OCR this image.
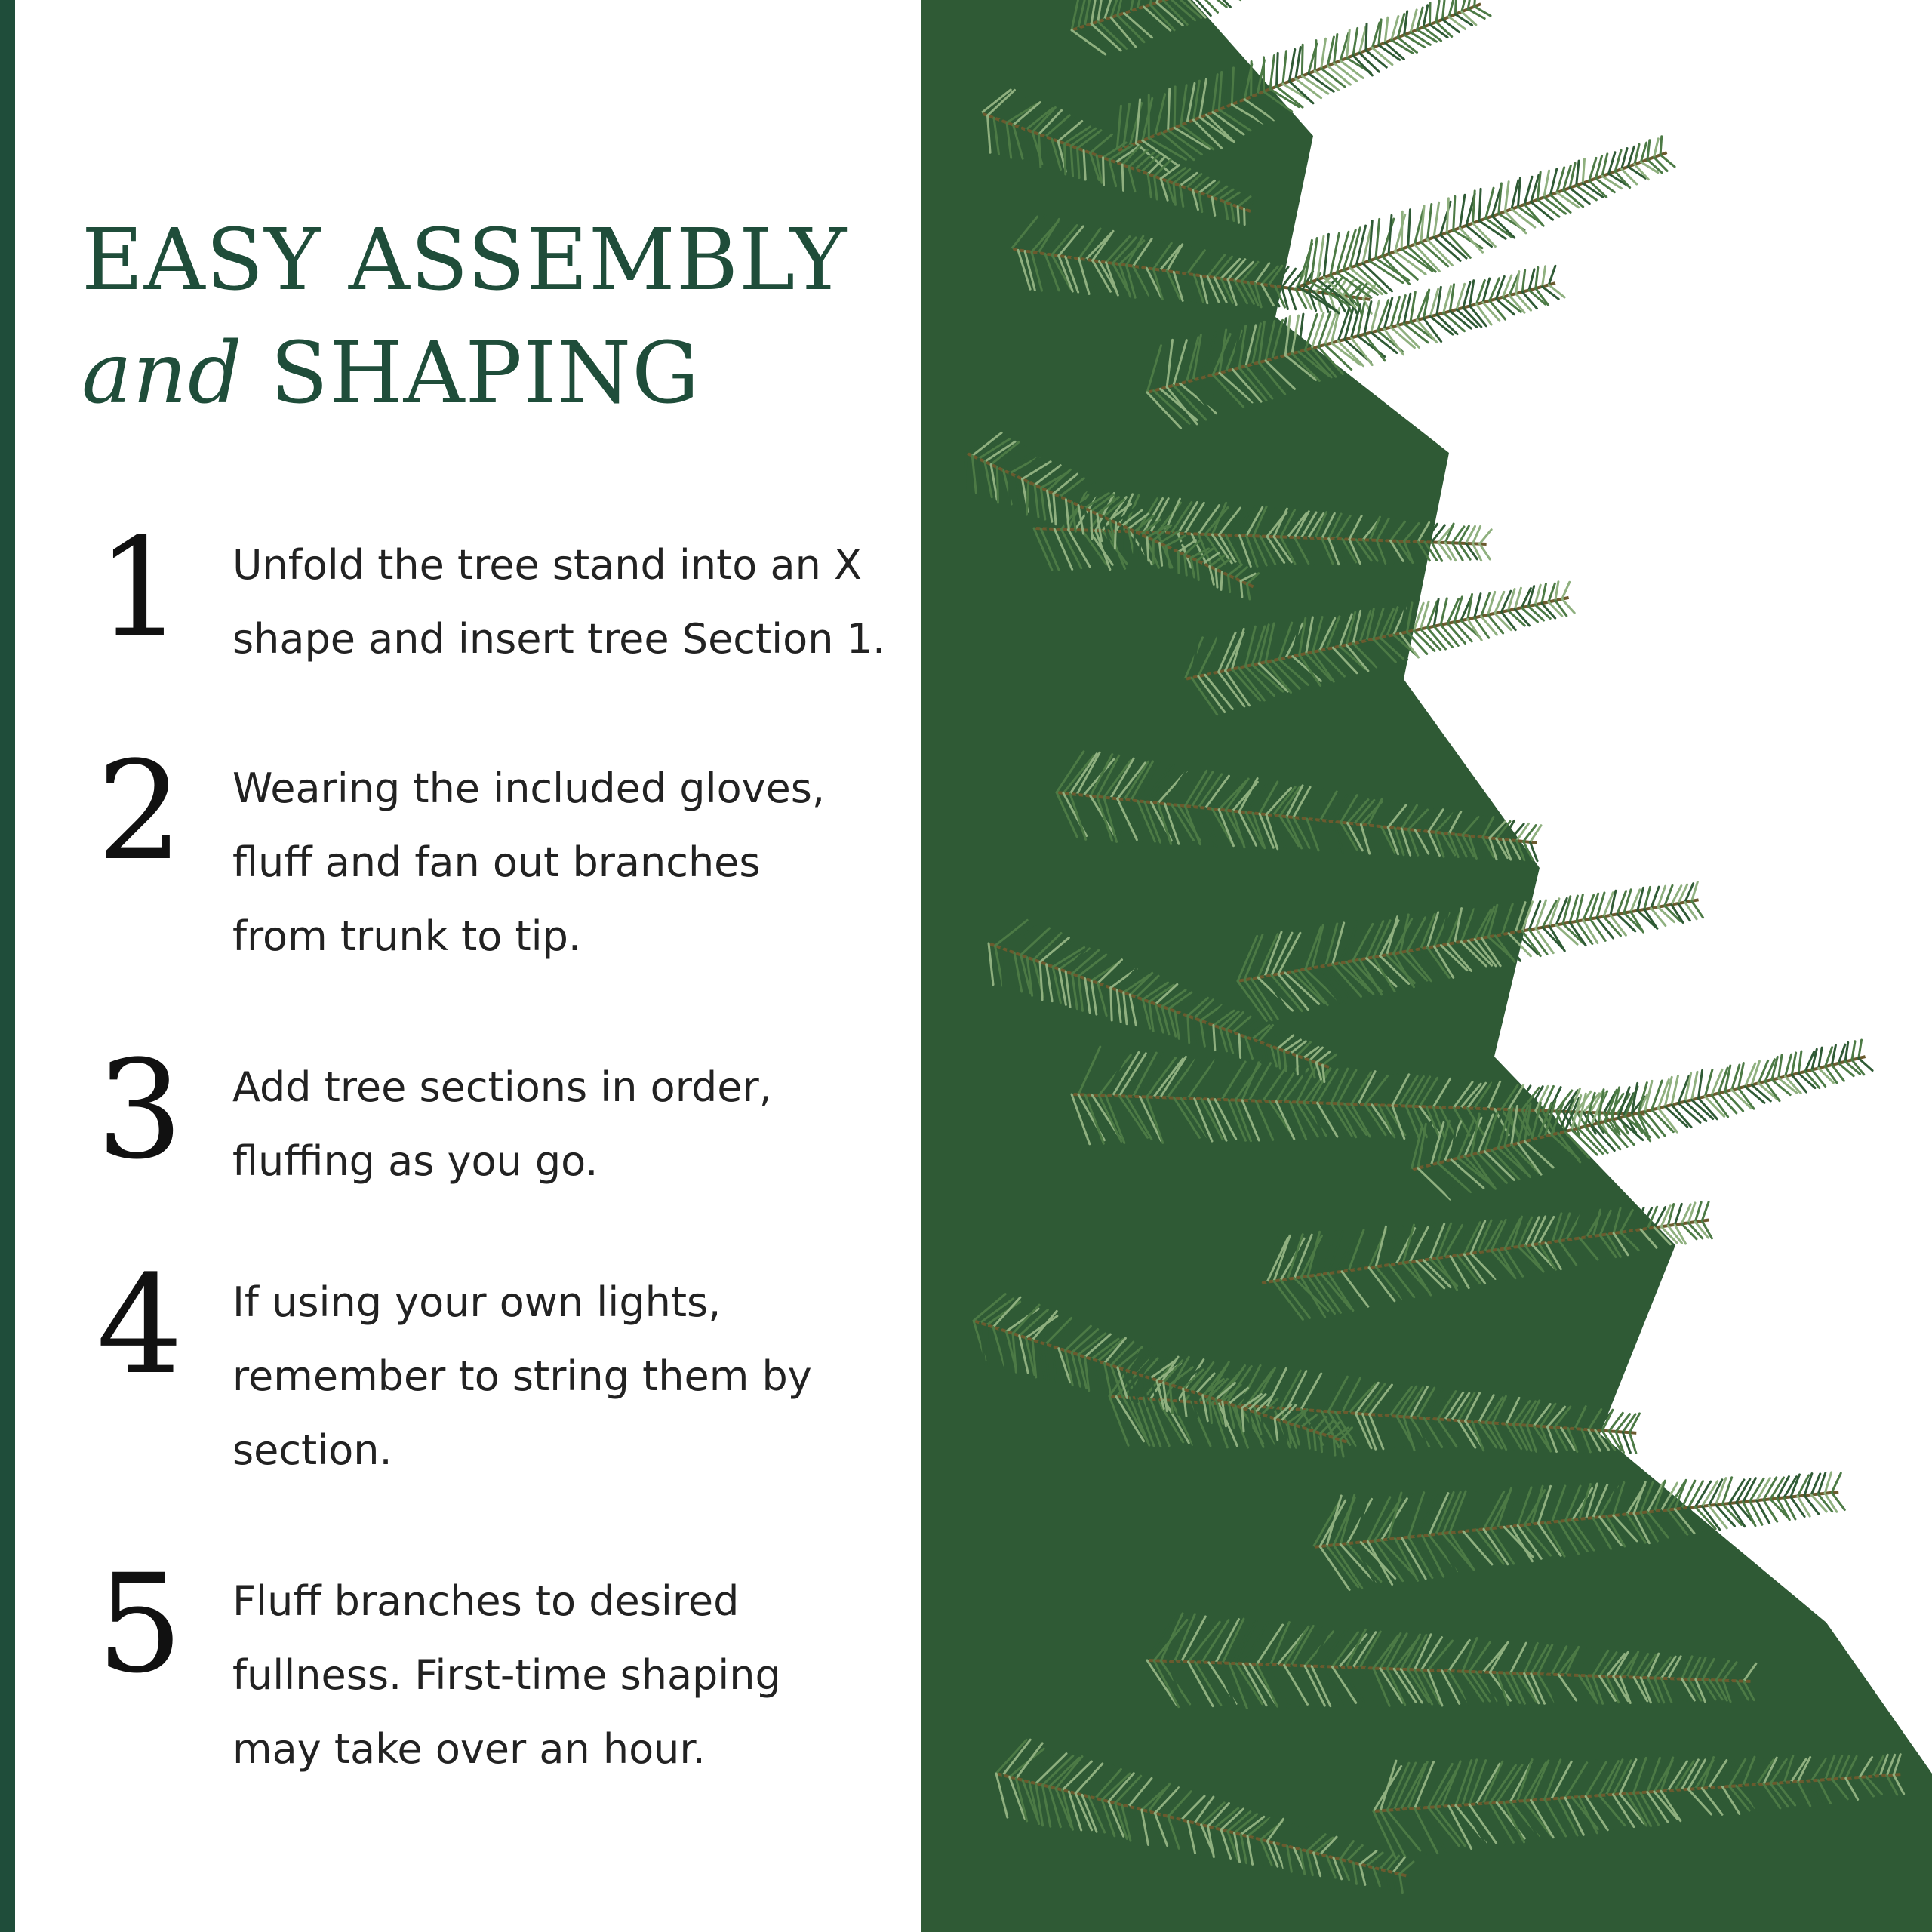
EASY ASSEMBLY
and SHAPING
1	Unfold the tree stand into an X
shape and insert tree Section 1.
2	Wearing the included gloves,
fluff and fan out branches
from trunk to tip.
3	Add tree sections in order,
fluffing as you go.
4	If using your own lights,
remember to string them by
section.
5	Fluff branches to desired
fullness. First-time shaping
may take over an hour.
